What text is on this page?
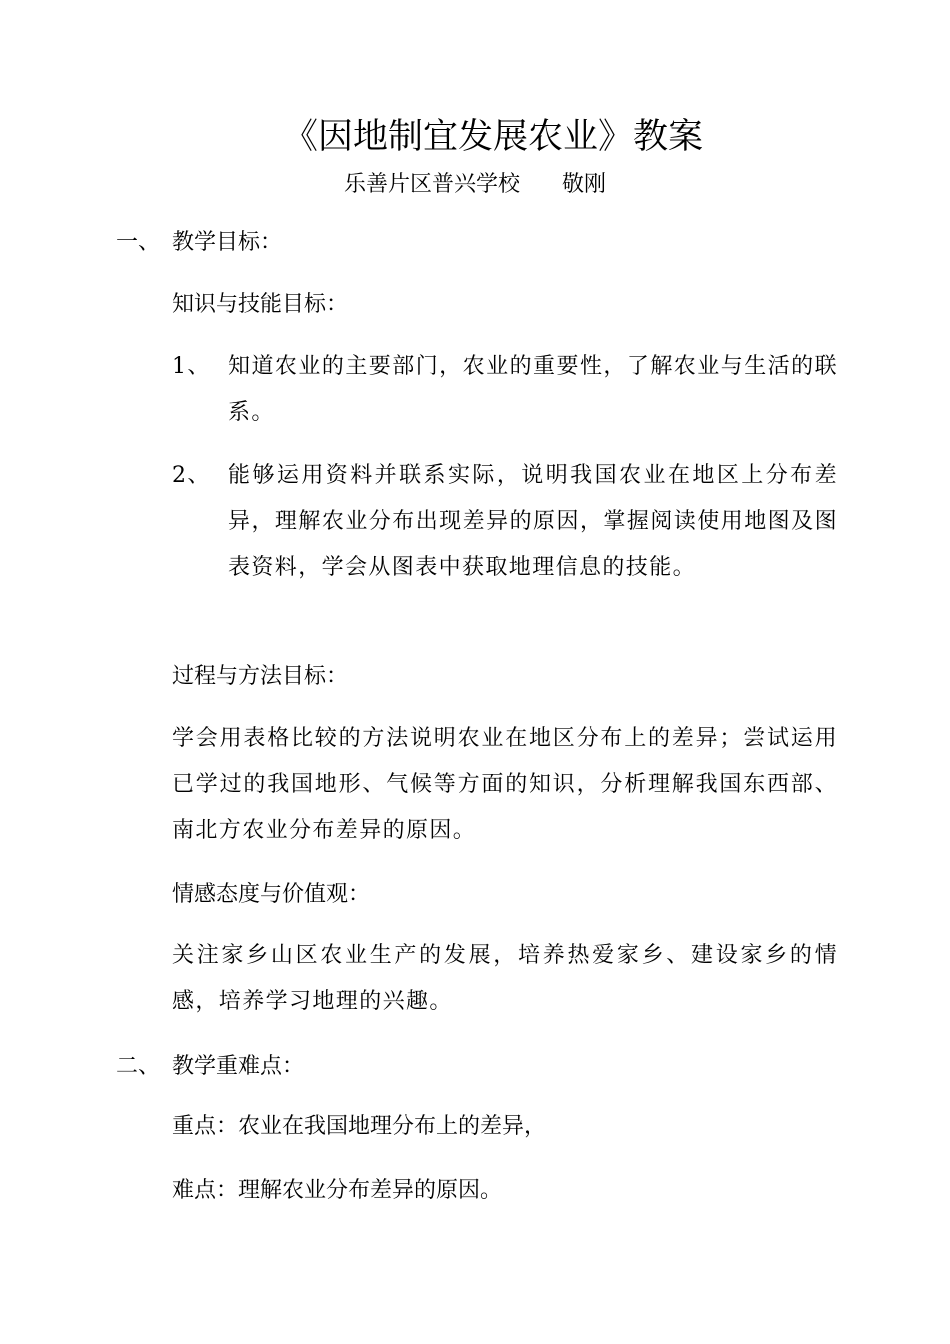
《因地制宜发展农业》教案
乐善片区普兴学校 敬刚
一、 教学目标：
知识与技能目标：
1、 知道农业的主要部门，农业的重要性，了解农业与生活的联系。
2、 能够运用资料并联系实际，说明我国农业在地区上分布差异，理解农业分布出现差异的原因，掌握阅读使用地图及图表资料，学会从图表中获取地理信息的技能。
过程与方法目标：
学会用表格比较的方法说明农业在地区分布上的差异；尝试运用已学过的我国地形、气候等方面的知识，分析理解我国东西部、南北方农业分布差异的原因。
情感态度与价值观：
关注家乡山区农业生产的发展，培养热爱家乡、建设家乡的情感，培养学习地理的兴趣。
二、 教学重难点：
重点：农业在我国地理分布上的差异，
难点：理解农业分布差异的原因。
